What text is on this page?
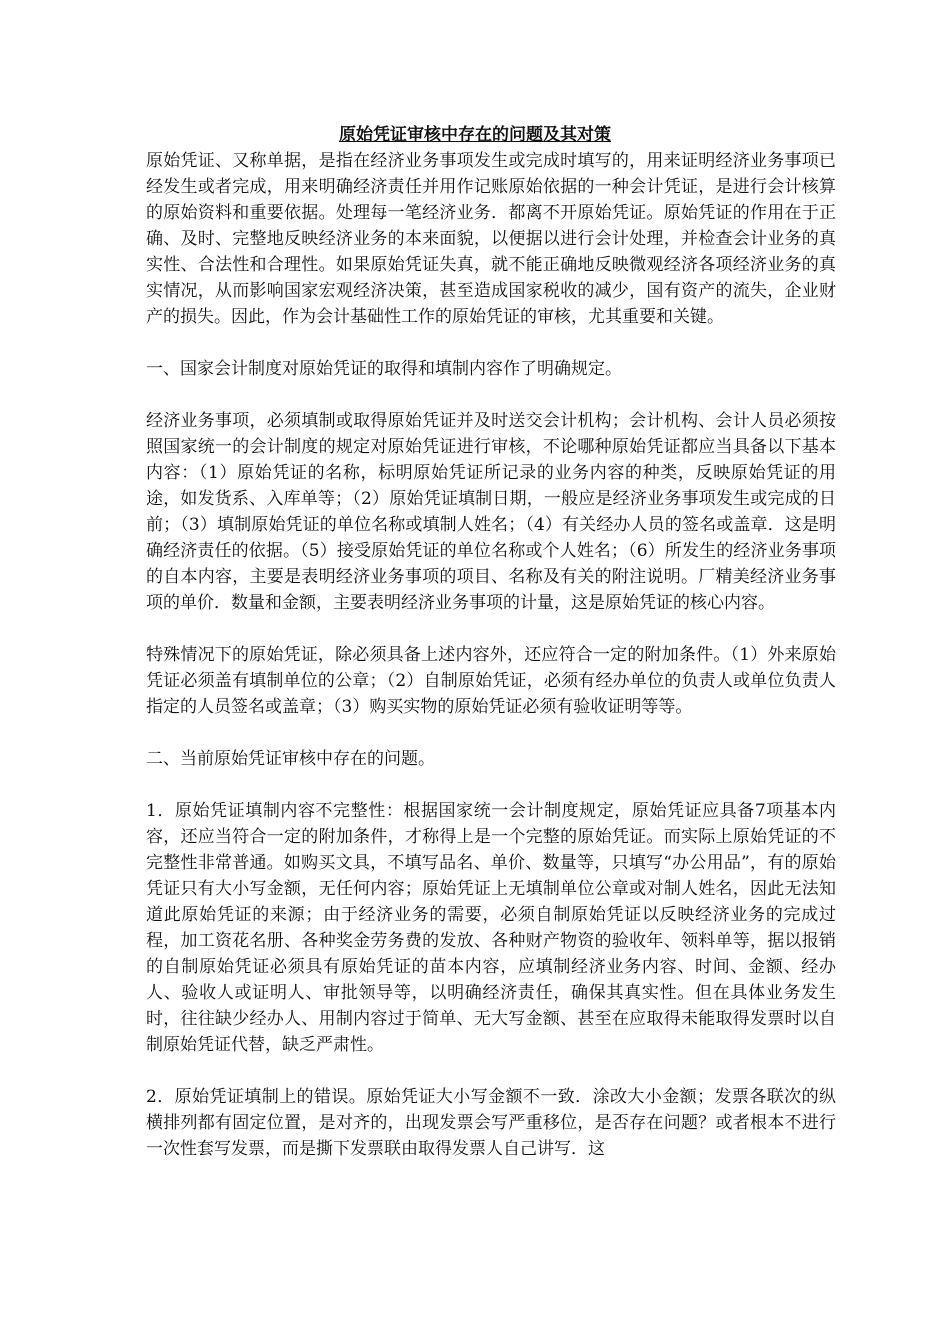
原始凭证审核中存在的问题及其对策

原始凭证、又称单据，是指在经济业务事项发生或完成时填写的，用来证明经济业务事项已经发生或者完成，用来明确经济责任并用作记账原始依据的一种会计凭证，是进行会计核算的原始资料和重要依据。处理每一笔经济业务．都离不开原始凭证。原始凭证的作用在于正确、及时、完整地反映经济业务的本来面貌，以便据以进行会计处理，并检查会计业务的真实性、合法性和合理性。如果原始凭证失真，就不能正确地反映微观经济各项经济业务的真实情况，从而影响国家宏观经济决策，甚至造成国家税收的减少，国有资产的流失，企业财产的损失。因此，作为会计基础性工作的原始凭证的审核，尤其重要和关键。

一、国家会计制度对原始凭证的取得和填制内容作了明确规定。

经济业务事项，必须填制或取得原始凭证并及时送交会计机构；会计机构、会计人员必须按照国家统一的会计制度的规定对原始凭证进行审核，不论哪种原始凭证都应当具备以下基本内容：（1）原始凭证的名称，标明原始凭证所记录的业务内容的种类，反映原始凭证的用途，如发货系、入库单等；（2）原始凭证填制日期，一般应是经济业务事项发生或完成的日前；（3）填制原始凭证的单位名称或填制人姓名；（4）有关经办人员的签名或盖章．这是明确经济责任的依据。（5）接受原始凭证的单位名称或个人姓名；（6）所发生的经济业务事项的自本内容，主要是表明经济业务事项的项目、名称及有关的附注说明。厂精美经济业务事项的单价．数量和金额，主要表明经济业务事项的计量，这是原始凭证的核心内容。

特殊情况下的原始凭证，除必须具备上述内容外，还应符合一定的附加条件。（1）外来原始凭证必须盖有填制单位的公章；（2）自制原始凭证，必须有经办单位的负责人或单位负责人指定的人员签名或盖章；（3）购买实物的原始凭证必须有验收证明等等。

二、当前原始凭证审核中存在的问题。

1．原始凭证填制内容不完整性：根据国家统一会计制度规定，原始凭证应具备7项基本内容，还应当符合一定的附加条件，才称得上是一个完整的原始凭证。而实际上原始凭证的不完整性非常普通。如购买文具，不填写品名、单价、数量等，只填写“办公用品”，有的原始凭证只有大小写金额，无任何内容；原始凭证上无填制单位公章或对制人姓名，因此无法知道此原始凭证的来源；由于经济业务的需要，必须自制原始凭证以反映经济业务的完成过程，加工资花名册、各种奖金劳务费的发放、各种财产物资的验收年、领料单等，据以报销的自制原始凭证必须具有原始凭证的苗本内容，应填制经济业务内容、时间、金额、经办人、验收人或证明人、审批领导等，以明确经济责任，确保其真实性。但在具体业务发生时，往往缺少经办人、用制内容过于简单、无大写金额、甚至在应取得未能取得发票时以自制原始凭证代替，缺乏严肃性。

2．原始凭证填制上的错误。原始凭证大小写金额不一致．涂改大小金额；发票各联次的纵横排列都有固定位置，是对齐的，出现发票会写严重移位，是否存在问题？或者根本不进行一次性套写发票，而是撕下发票联由取得发票人自己讲写．这
